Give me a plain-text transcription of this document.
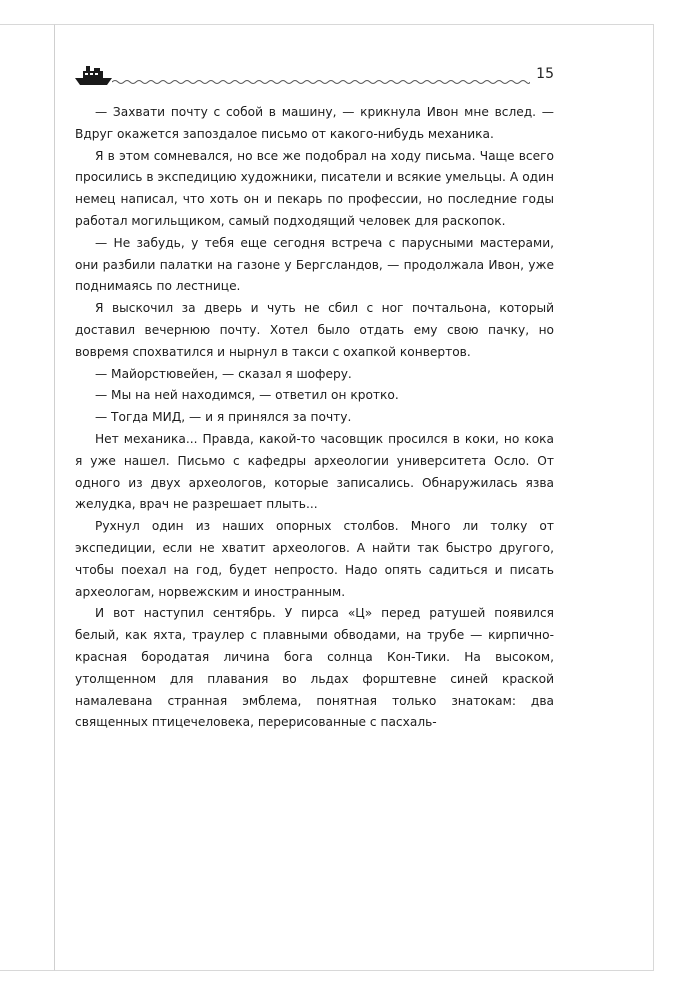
15

— Захвати почту с собой в машину, — крикнула Ивон мне вслед. — Вдруг окажется запоздалое письмо от какого-нибудь механика.

Я в этом сомневался, но все же подобрал на ходу письма. Чаще всего просились в экспедицию художники, писатели и всякие умельцы. А один немец написал, что хоть он и пекарь по профессии, но последние годы работал могильщиком, самый подходящий человек для раскопок.

— Не забудь, у тебя еще сегодня встреча с парусными мастерами, они разбили палатки на газоне у Бергсландов, — продолжала Ивон, уже поднимаясь по лестнице.

Я выскочил за дверь и чуть не сбил с ног почтальона, который доставил вечернюю почту. Хотел было отдать ему свою пачку, но вовремя спохватился и нырнул в такси с охапкой конвертов.

— Майорстювейен, — сказал я шоферу.

— Мы на ней находимся, — ответил он кротко.

— Тогда МИД, — и я принялся за почту.

Нет механика... Правда, какой-то часовщик просился в коки, но кока я уже нашел. Письмо с кафедры археологии университета Осло. От одного из двух археологов, которые записались. Обнаружилась язва желудка, врач не разрешает плыть...

Рухнул один из наших опорных столбов. Много ли толку от экспедиции, если не хватит археологов. А найти так быстро другого, чтобы поехал на год, будет непросто. Надо опять садиться и писать археологам, норвежским и иностранным.

И вот наступил сентябрь. У пирса «Ц» перед ратушей появился белый, как яхта, траулер с плавными обводами, на трубе — кирпично-красная бородатая личина бога солнца Кон-Тики. На высоком, утолщенном для плавания во льдах форштевне синей краской намалевана странная эмблема, понятная только знатокам: два священных птицечеловека, перерисованные с пасхаль-
